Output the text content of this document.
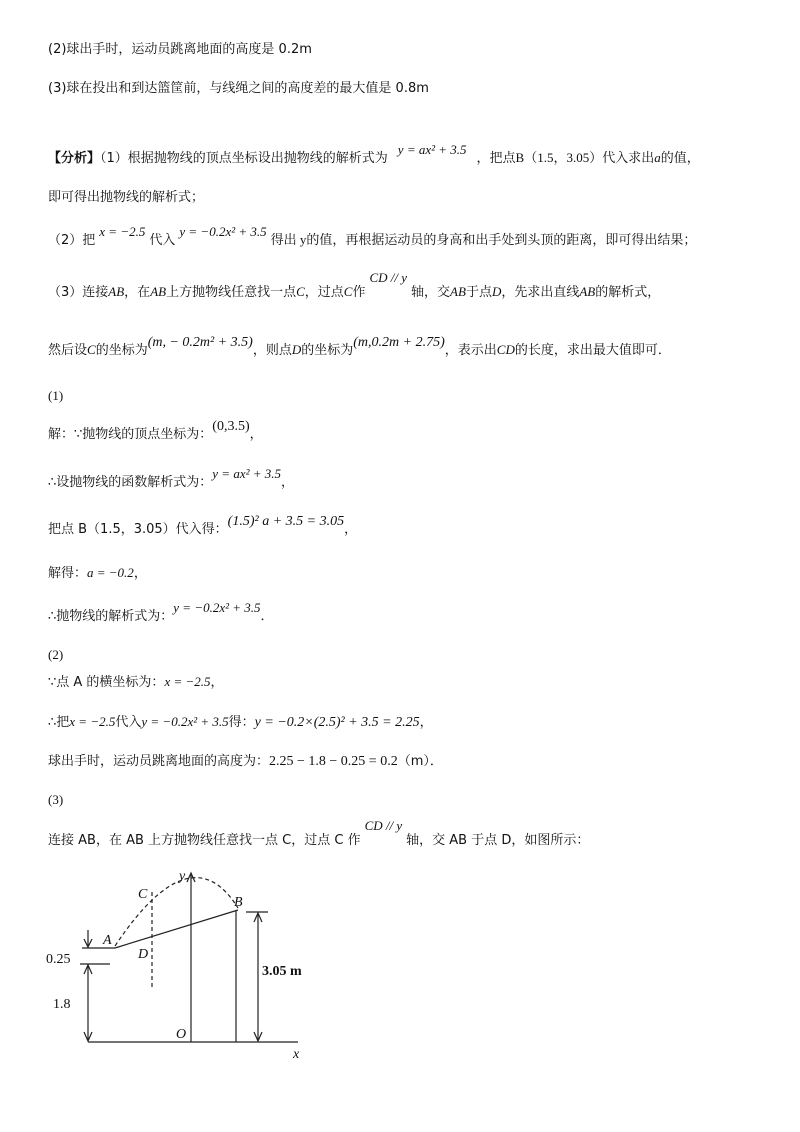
(2)球出手时，运动员跳离地面的高度是 0.2m
(3)球在投出和到达篮筐前，与线绳之间的高度差的最大值是 0.8m
【分析】（1）根据抛物线的顶点坐标设出抛物线的解析式为y = ax² + 3.5，把点B（1.5，3.05）代入求出a的值，
即可得出抛物线的解析式；
（2）把x = −2.5代入y = −0.2x² + 3.5得出 y的值，再根据运动员的身高和出手处到头顶的距离，即可得出结果；
（3）连接AB，在AB上方抛物线任意找一点C，过点C作CD // y轴，交AB于点D，先求出直线AB的解析式，
然后设C的坐标为(m, − 0.2m² + 3.5)，则点D的坐标为(m,0.2m + 2.75)，表示出CD的长度，求出最大值即可．
(1)
解：∵抛物线的顶点坐标为：(0,3.5)，
∴设抛物线的函数解析式为：y = ax² + 3.5，
把点 B（1.5，3.05）代入得：(1.5)² a + 3.5 = 3.05，
解得：a = −0.2，
∴抛物线的解析式为：y = −0.2x² + 3.5．
(2)
∵点 A 的横坐标为：x = −2.5，
∴把x = −2.5代入y = −0.2x² + 3.5得：y = −0.2×(2.5)² + 3.5 = 2.25，
球出手时，运动员跳离地面的高度为：2.25 − 1.8 − 0.25 = 0.2（m）．
(3)
连接 AB，在 AB 上方抛物线任意找一点 C，过点 C 作CD // y轴，交 AB 于点 D，如图所示：
y
x
O
A
B
C
D
0.25
1.8
3.05 m
